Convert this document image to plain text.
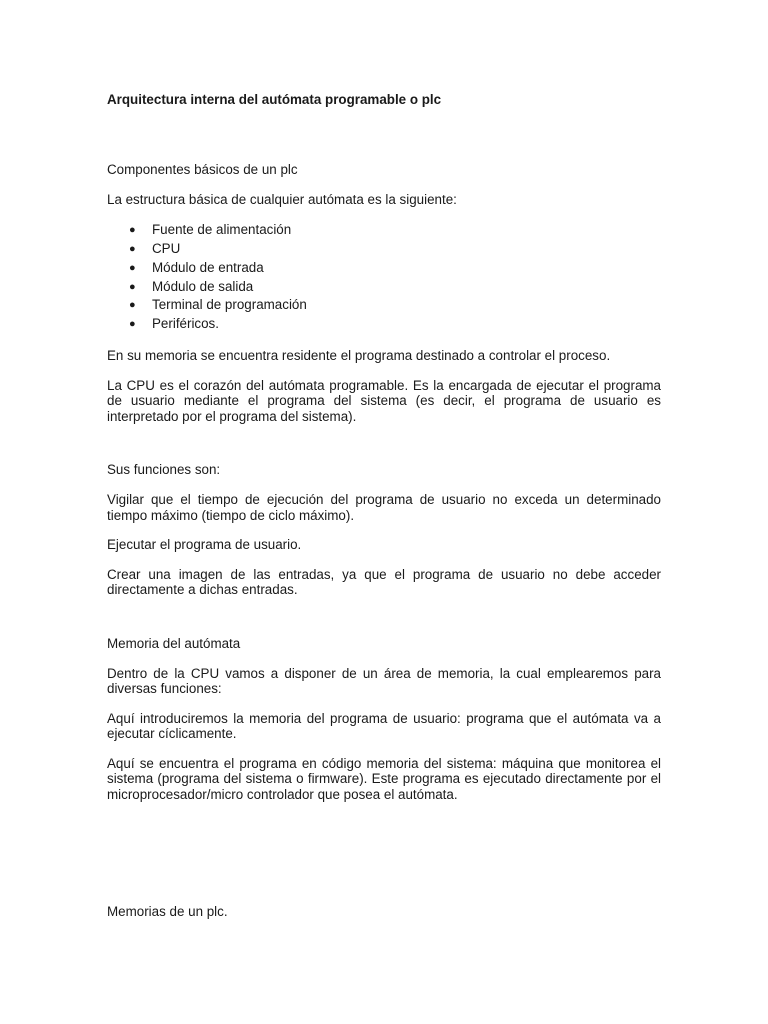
Arquitectura interna del autómata programable o plc

Componentes básicos de un plc

La estructura básica de cualquier autómata es la siguiente:

● Fuente de alimentación
● CPU
● Módulo de entrada
● Módulo de salida
● Terminal de programación
● Periféricos.

En su memoria se encuentra residente el programa destinado a controlar el proceso.

La CPU es el corazón del autómata programable. Es la encargada de ejecutar el programa de usuario mediante el programa del sistema (es decir, el programa de usuario es interpretado por el programa del sistema).

Sus funciones son:

Vigilar que el tiempo de ejecución del programa de usuario no exceda un determinado tiempo máximo (tiempo de ciclo máximo).

Ejecutar el programa de usuario.

Crear una imagen de las entradas, ya que el programa de usuario no debe acceder directamente a dichas entradas.

Memoria del autómata

Dentro de la CPU vamos a disponer de un área de memoria, la cual emplearemos para diversas funciones:

Aquí introduciremos la memoria del programa de usuario: programa que el autómata va a ejecutar cíclicamente.

Aquí se encuentra el programa en código memoria del sistema: máquina que monitorea el sistema (programa del sistema o firmware). Este programa es ejecutado directamente por el microprocesador/micro controlador que posea el autómata.

Memorias de un plc.
